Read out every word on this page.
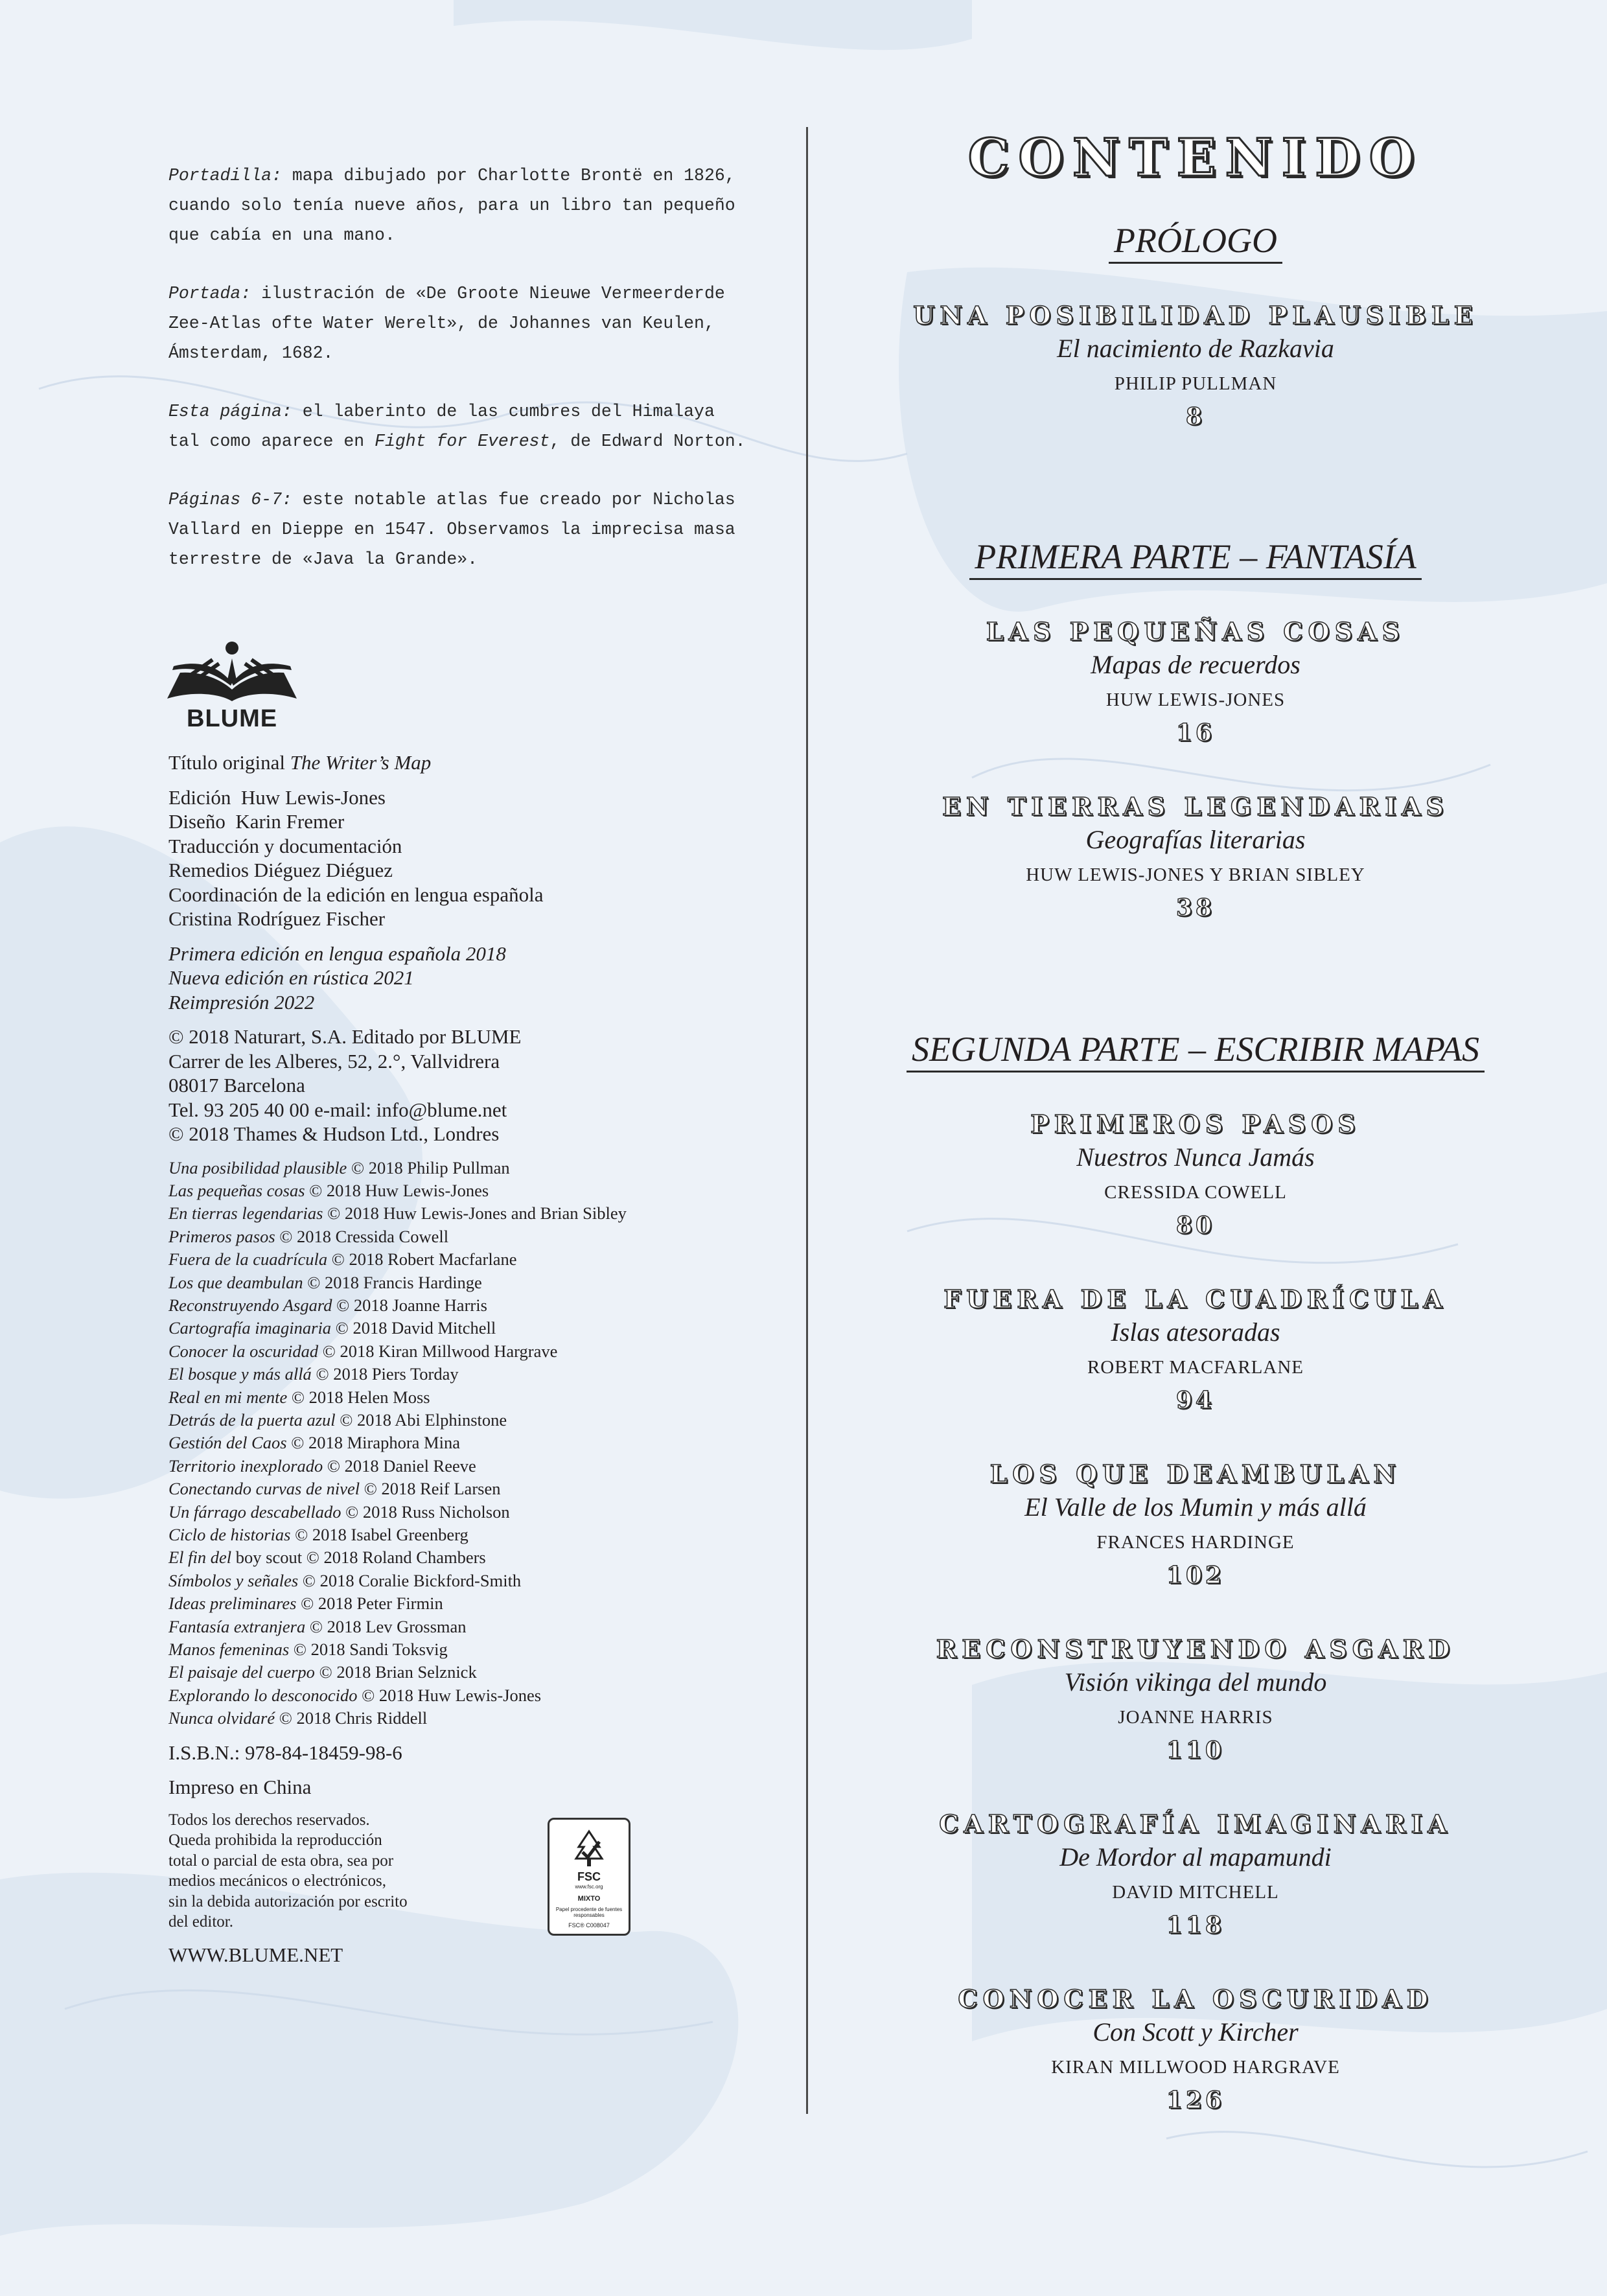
Portadilla: mapa dibujado por Charlotte Brontë en 1826, cuando solo tenía nueve años, para un libro tan pequeño que cabía en una mano.

Portada: ilustración de «De Groote Nieuwe Vermeerderde Zee-Atlas ofte Water Werelt», de Johannes van Keulen, Ámsterdam, 1682.

Esta página: el laberinto de las cumbres del Himalaya tal como aparece en Fight for Everest, de Edward Norton.

Páginas 6-7: este notable atlas fue creado por Nicholas Vallard en Dieppe en 1547. Observamos la imprecisa masa terrestre de «Java la Grande».

BLUME
Título original The Writer’s Map
Edición Huw Lewis-Jones
Diseño Karin Fremer
Traducción y documentación
Remedios Diéguez Diéguez
Coordinación de la edición en lengua española
Cristina Rodríguez Fischer
Primera edición en lengua española 2018
Nueva edición en rústica 2021
Reimpresión 2022
© 2018 Naturart, S.A. Editado por BLUME
Carrer de les Alberes, 52, 2.°, Vallvidrera
08017 Barcelona
Tel. 93 205 40 00 e-mail: info@blume.net
© 2018 Thames & Hudson Ltd., Londres
Una posibilidad plausible © 2018 Philip Pullman
Las pequeñas cosas © 2018 Huw Lewis-Jones
En tierras legendarias © 2018 Huw Lewis-Jones and Brian Sibley
Primeros pasos © 2018 Cressida Cowell
Fuera de la cuadrícula © 2018 Robert Macfarlane
Los que deambulan © 2018 Francis Hardinge
Reconstruyendo Asgard © 2018 Joanne Harris
Cartografía imaginaria © 2018 David Mitchell
Conocer la oscuridad © 2018 Kiran Millwood Hargrave
El bosque y más allá © 2018 Piers Torday
Real en mi mente © 2018 Helen Moss
Detrás de la puerta azul © 2018 Abi Elphinstone
Gestión del Caos © 2018 Miraphora Mina
Territorio inexplorado © 2018 Daniel Reeve
Conectando curvas de nivel © 2018 Reif Larsen
Un fárrago descabellado © 2018 Russ Nicholson
Ciclo de historias © 2018 Isabel Greenberg
El fin del boy scout © 2018 Roland Chambers
Símbolos y señales © 2018 Coralie Bickford-Smith
Ideas preliminares © 2018 Peter Firmin
Fantasía extranjera © 2018 Lev Grossman
Manos femeninas © 2018 Sandi Toksvig
El paisaje del cuerpo © 2018 Brian Selznick
Explorando lo desconocido © 2018 Huw Lewis-Jones
Nunca olvidaré © 2018 Chris Riddell
I.S.B.N.: 978-84-18459-98-6
Impreso en China
Todos los derechos reservados.
Queda prohibida la reproducción
total o parcial de esta obra, sea por
medios mecánicos o electrónicos,
sin la debida autorización por escrito
del editor.
WWW.BLUME.NET
FSC
www.fsc.org
MIXTO
Papel procedente de fuentes responsables
FSC® C008047
CONTENIDO
PRÓLOGO
UNA POSIBILIDAD PLAUSIBLE
El nacimiento de Razkavia
PHILIP PULLMAN
8
PRIMERA PARTE – FANTASÍA
LAS PEQUEÑAS COSAS
Mapas de recuerdos
HUW LEWIS-JONES
16
EN TIERRAS LEGENDARIAS
Geografías literarias
HUW LEWIS-JONES Y BRIAN SIBLEY
38
SEGUNDA PARTE – ESCRIBIR MAPAS
PRIMEROS PASOS
Nuestros Nunca Jamás
CRESSIDA COWELL
80
FUERA DE LA CUADRÍCULA
Islas atesoradas
ROBERT MACFARLANE
94
LOS QUE DEAMBULAN
El Valle de los Mumin y más allá
FRANCES HARDINGE
102
RECONSTRUYENDO ASGARD
Visión vikinga del mundo
JOANNE HARRIS
110
CARTOGRAFÍA IMAGINARIA
De Mordor al mapamundi
DAVID MITCHELL
118
CONOCER LA OSCURIDAD
Con Scott y Kircher
KIRAN MILLWOOD HARGRAVE
126
